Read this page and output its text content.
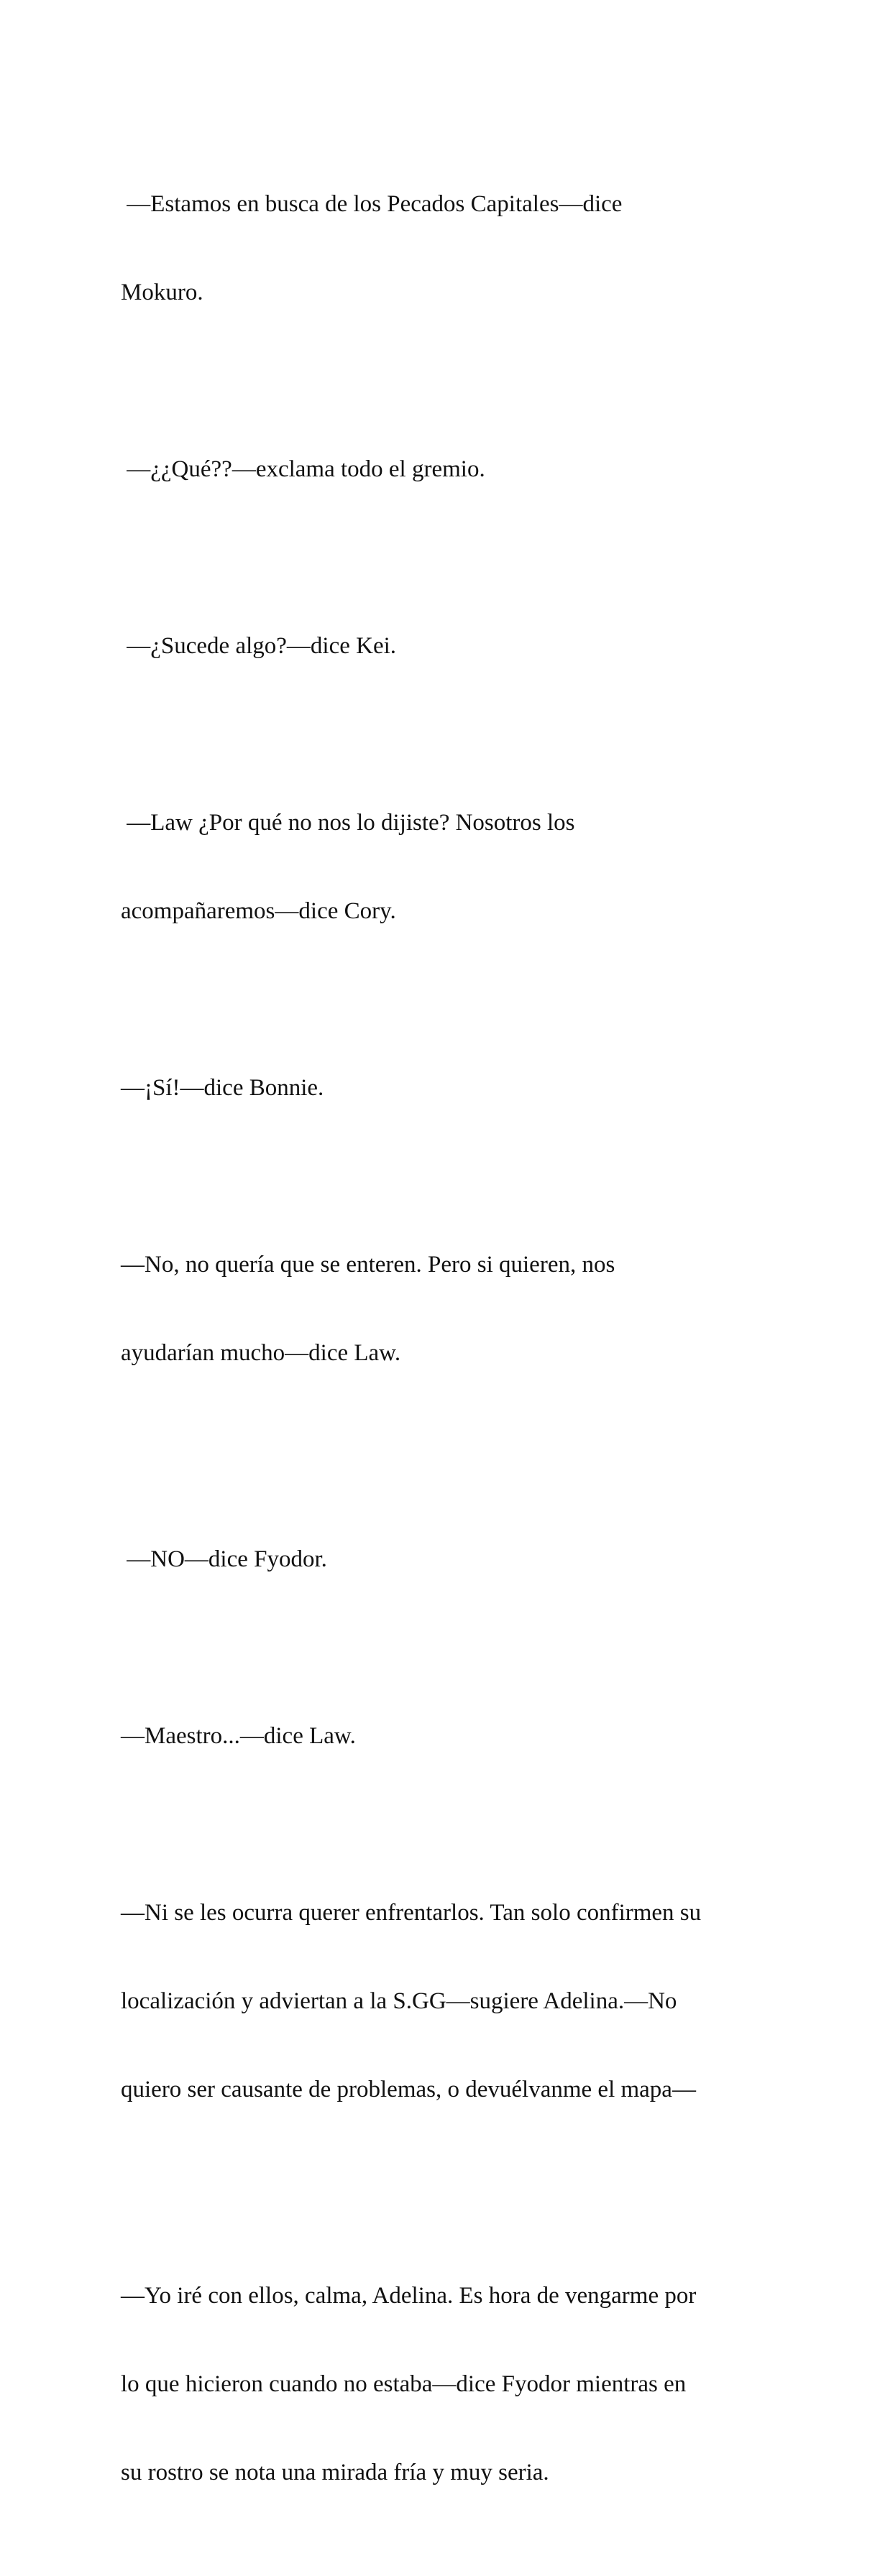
—Estamos en busca de los Pecados Capitales—dice

Mokuro.

—¿¿Qué??—exclama todo el gremio.

—¿Sucede algo?—dice Kei.

—Law ¿Por qué no nos lo dijiste? Nosotros los

acompañaremos—dice Cory.

—¡Sí!—dice Bonnie.

—No, no quería que se enteren. Pero si quieren, nos

ayudarían mucho—dice Law.

—NO—dice Fyodor.

—Maestro...—dice Law.

—Ni se les ocurra querer enfrentarlos. Tan solo confirmen su

localización y adviertan a la S.GG—sugiere Adelina.—No

quiero ser causante de problemas, o devuélvanme el mapa—

—Yo iré con ellos, calma, Adelina. Es hora de vengarme por

lo que hicieron cuando no estaba—dice Fyodor mientras en

su rostro se nota una mirada fría y muy seria.
